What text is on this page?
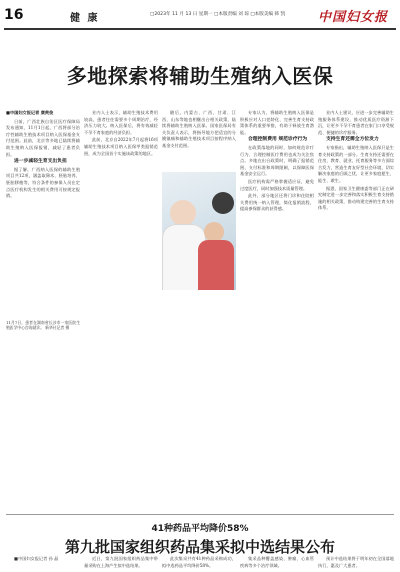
16	健 康	□2023年 11 月 13 日 星期一 □本版责编 刘 琼 □本版美编 韩 凯	中国妇女报
多地探索将辅助生殖纳入医保
■中国妇女报记者 康贵俊

日前，广西壮族自治区医疗保障局发布通知，11月1日起，广西将部分治疗性辅助生殖技术项目纳入医保基金支付范围。此前，北京等多地已陆续将辅助生殖纳入医保报销，减轻了患者负担。

进一步减轻生育支出负担

据了解，广西纳入医保的辅助生殖项目共12项，涵盖取卵术、胚胎培养、胚胎移植等，符合条件的参保人员在定点医疗机构发生的相关费用可按规定报销。

业内人士表示，辅助生殖技术费用较高，患者往往需要多个周期治疗，经济压力较大。纳入医保后，将有效减轻不孕不育家庭的经济负担。

此前，北京自2022年7月起将16项辅助生殖技术项目纳入医保甲类报销范围，成为全国首个实施该政策的地区。

随后，内蒙古、广西、甘肃、江西、山东等地也相继出台相关政策，陆续将辅助生殖纳入医保。国家医保局有关负责人表示，将指导地方把适宜的分娩镇痛和辅助生殖技术项目按程序纳入基金支付范围。

专家认为，将辅助生殖纳入医保是积极应对人口老龄化、完善生育支持政策体系的重要举措，有助于释放生育潜能。

合理控制费用 规范诊疗行为

在政策落地的同时，如何规范诊疗行为、合理控制医疗费用也成为关注焦点。多地在出台政策时，明确了报销范围、支付标准和周期限制，以保障医保基金安全运行。

医疗机构需严格掌握适应证，避免过度医疗，同时加强技术质量管理。

此外，部分地区还将门诊和住院相关费用统一纳入管理，简化报销流程，提高参保群众的获得感。

业内人士建议，应进一步完善辅助生殖服务体系建设，推动优质医疗资源下沉，让更多不孕不育患者在家门口享受规范、便捷的诊疗服务。

支持生育还需全方位发力

专家指出，辅助生殖纳入医保只是生育支持政策的一部分。生育支持还需要在住房、教育、就业、托育服务等多方面综合发力，营造生育友好型社会环境，切实解决家庭的后顾之忧，让更多家庭愿生、能生、敢生。

据悉，国家卫生健康委等部门正在研究制定进一步完善和落实积极生育支持措施的相关政策，推动构建完善的生育支持体系。

11月7日，患者在湖南省长沙市一家医院生殖医学中心咨询就诊。 新华社记者 摄
41种药品平均降价58%
第九批国家组织药品集采拟中选结果公布

■中国妇女报记者 孙 晶	近日，第九批国家组织药品集中带量采购在上海产生拟中选结果。

此次集采共有41种药品采购成功，拟中选药品平均降价58%。

集采品种覆盖感染、肿瘤、心血管疾病等多个治疗领域。

预计中选结果将于明年初在全国落地执行，惠及广大患者。
